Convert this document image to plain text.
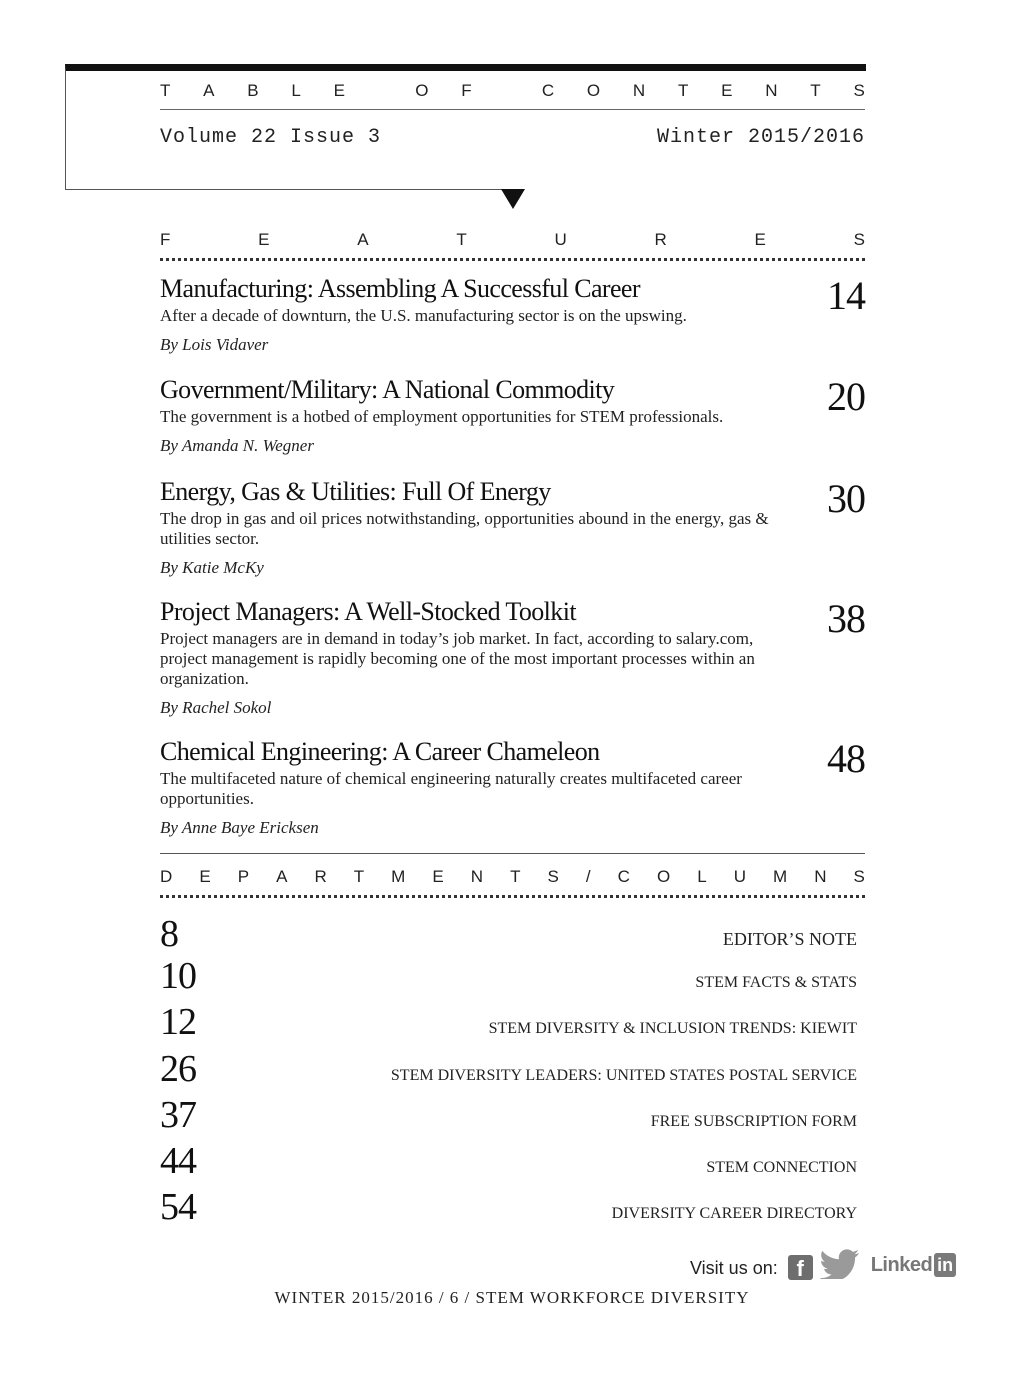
T A B L E
	O F
	C O N T E N T S
Volume 22 Issue 3	Winter 2015/2016
F	E	A	T	U	R	E	S
Manufacturing: Assembling A Successful Career
After a decade of downturn, the U.S. manufacturing sector is on the upswing.
By Lois Vidaver
14
Government/Military: A National Commodity
The government is a hotbed of employment opportunities for STEM professionals.
By Amanda N. Wegner
20
Energy, Gas & Utilities: Full Of Energy
The drop in gas and oil prices notwithstanding, opportunities abound in the energy, gas & utilities sector.
By Katie McKy
30
Project Managers: A Well-Stocked Toolkit
Project managers are in demand in today’s job market. In fact, according to salary.com, project management is rapidly becoming one of the most important processes within an organization.
By Rachel Sokol
38
Chemical Engineering: A Career Chameleon
The multifaceted nature of chemical engineering naturally creates multifaceted career opportunities.
By Anne Baye Ericksen
48
D E P A R T M E N T S / C O L U M N S
8	EDITOR’S NOTE
10	STEM FACTS & STATS
12	STEM DIVERSITY & INCLUSION TRENDS: KIEWIT
26	STEM DIVERSITY LEADERS: UNITED STATES POSTAL SERVICE
37	FREE SUBSCRIPTION FORM
44	STEM CONNECTION
54	DIVERSITY CAREER DIRECTORY
Visit us on: f	Linked in
WINTER 2015/2016 / 6 / STEM WORKFORCE DIVERSITY
